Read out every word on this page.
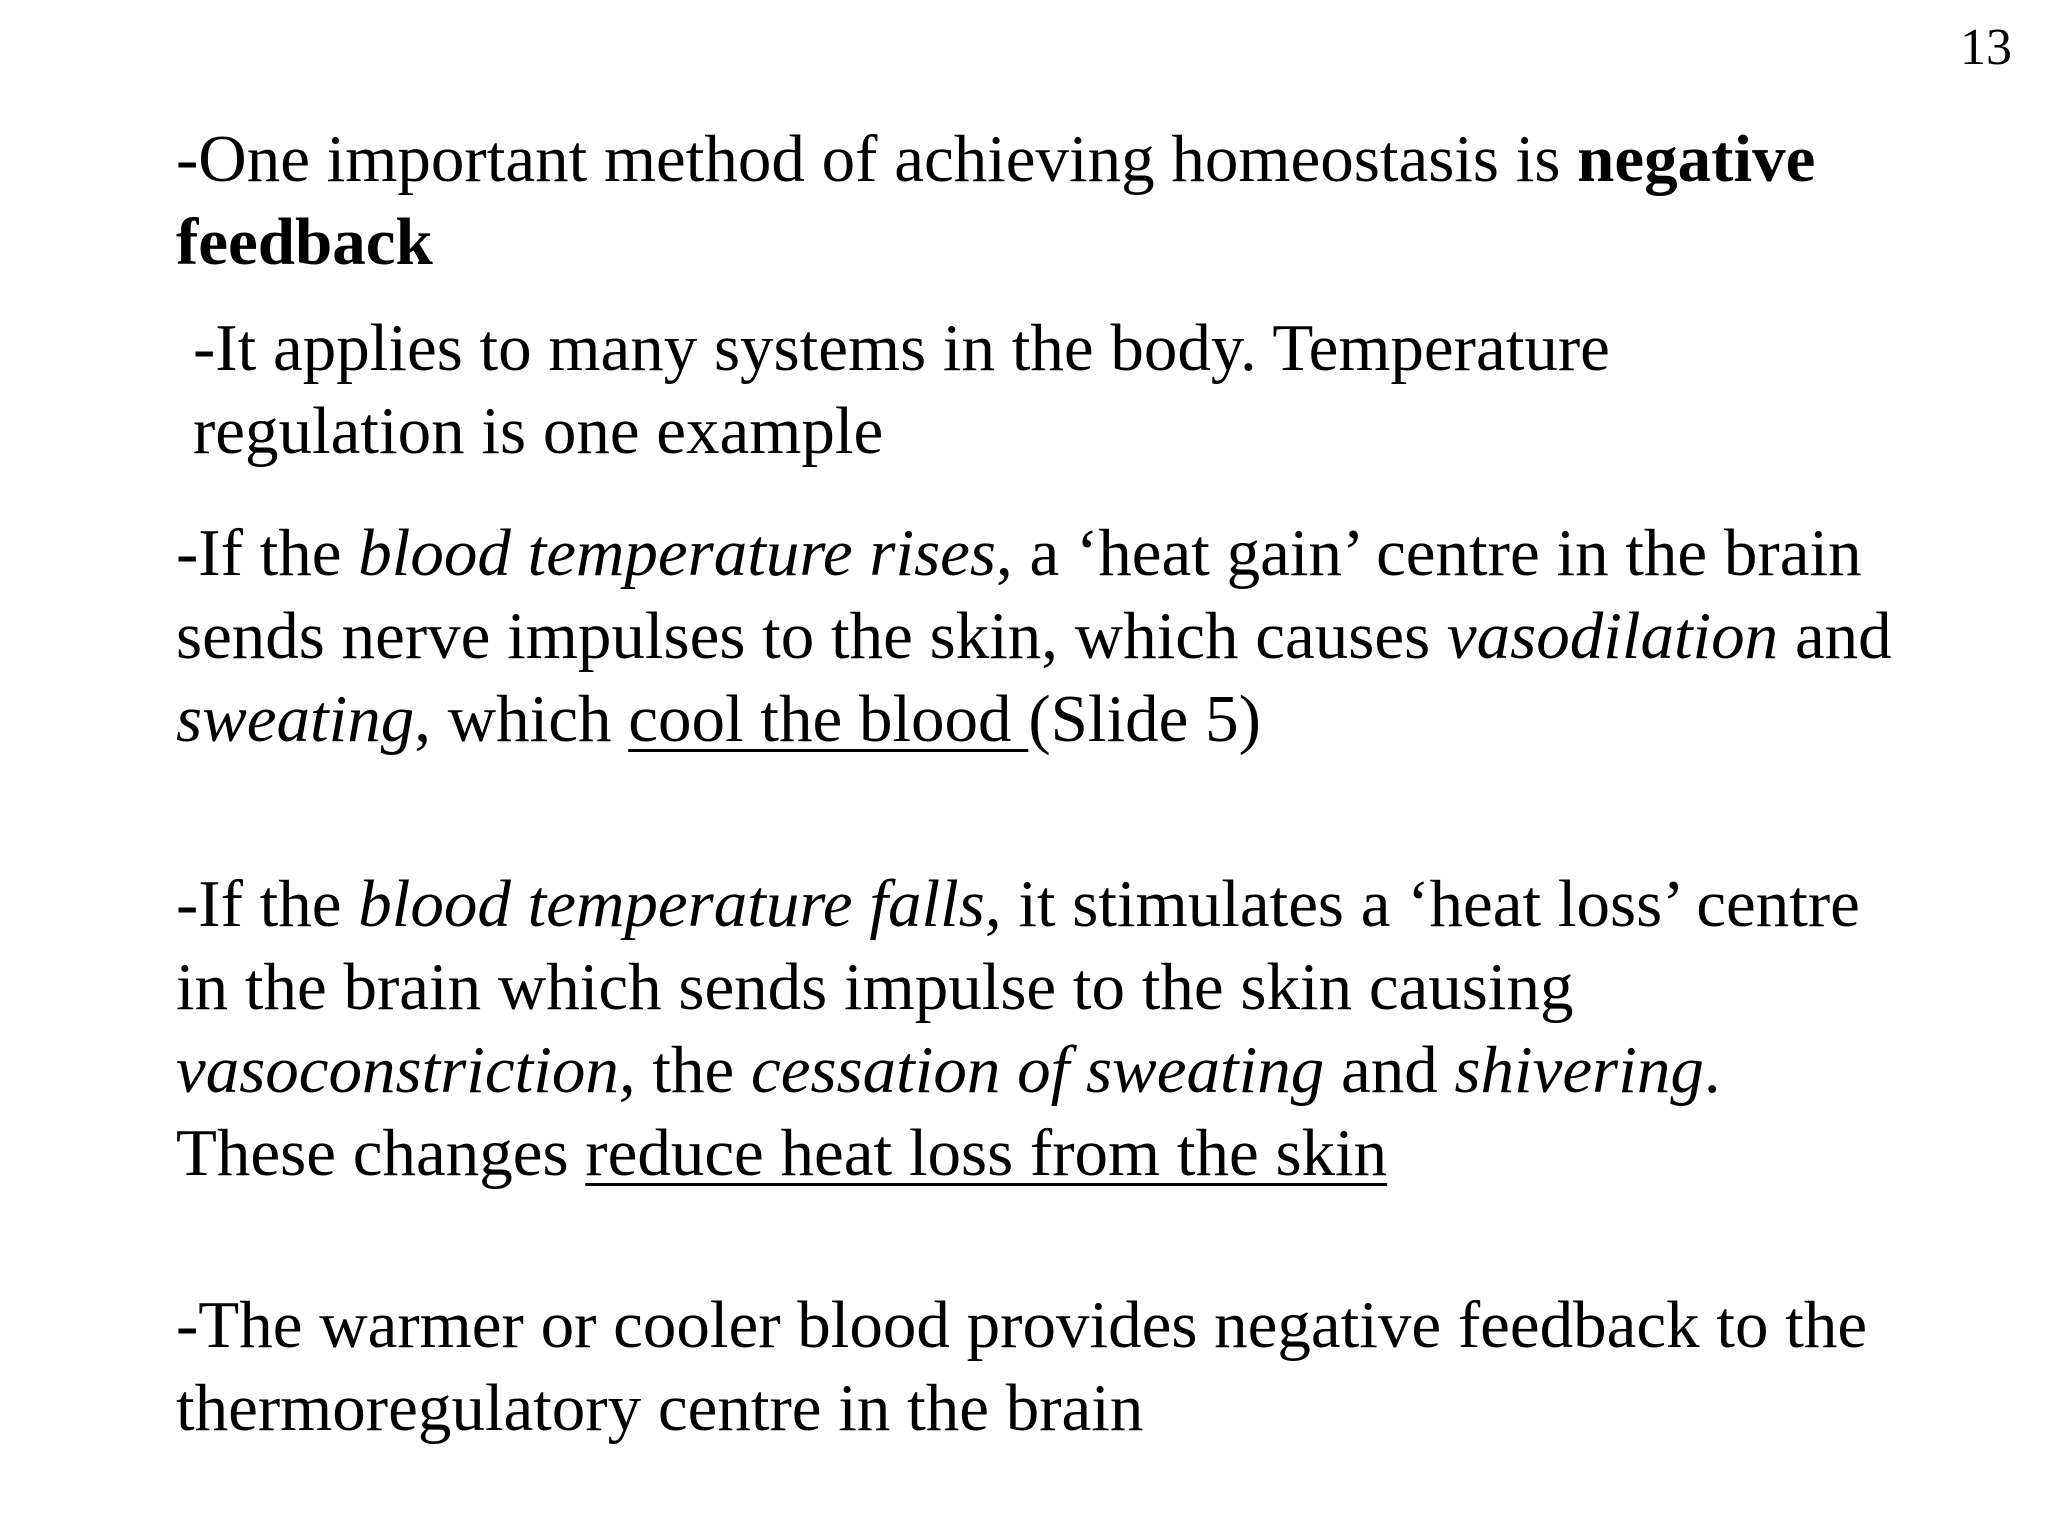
13

-One important method of achieving homeostasis is negative feedback

-It applies to many systems in the body. Temperature
regulation is one example

-If the blood temperature rises, a ‘heat gain’ centre in the brain sends nerve impulses to the skin, which causes vasodilation and sweating, which cool the blood (Slide 5)

-If the blood temperature falls, it stimulates a ‘heat loss’ centre in the brain which sends impulse to the skin causing vasoconstriction, the cessation of sweating and shivering. These changes reduce heat loss from the skin

-The warmer or cooler blood provides negative feedback to the thermoregulatory centre in the brain
